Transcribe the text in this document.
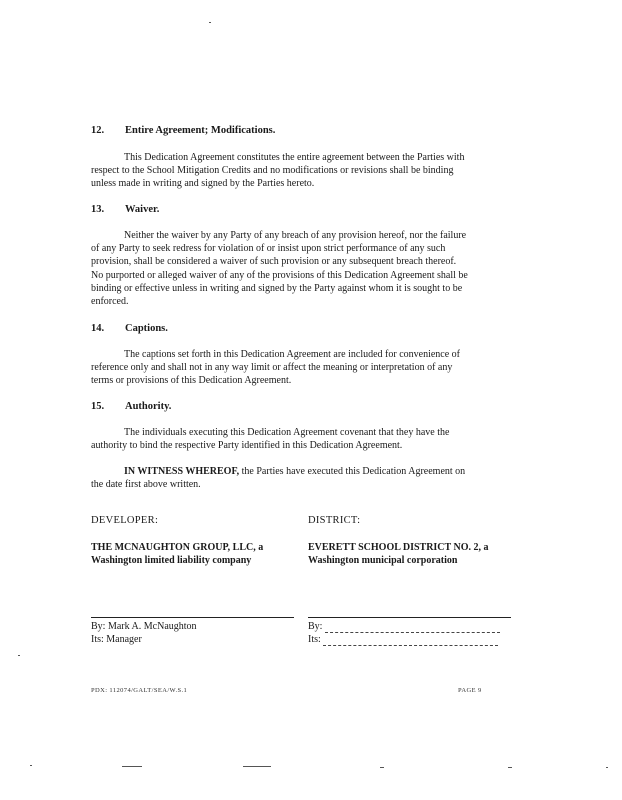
12. Entire Agreement; Modifications.
This Dedication Agreement constitutes the entire agreement between the Parties with
respect to the School Mitigation Credits and no modifications or revisions shall be binding
unless made in writing and signed by the Parties hereto.
13. Waiver.
Neither the waiver by any Party of any breach of any provision hereof, nor the failure
of any Party to seek redress for violation of or insist upon strict performance of any such
provision, shall be considered a waiver of such provision or any subsequent breach thereof.
No purported or alleged waiver of any of the provisions of this Dedication Agreement shall be
binding or effective unless in writing and signed by the Party against whom it is sought to be
enforced.
14. Captions.
The captions set forth in this Dedication Agreement are included for convenience of
reference only and shall not in any way limit or affect the meaning or interpretation of any
terms or provisions of this Dedication Agreement.
15. Authority.
The individuals executing this Dedication Agreement covenant that they have the
authority to bind the respective Party identified in this Dedication Agreement.
IN WITNESS WHEREOF, the Parties have executed this Dedication Agreement on
the date first above written.
DEVELOPER:
THE MCNAUGHTON GROUP, LLC, a
Washington limited liability company
By: Mark A. McNaughton
Its: Manager
DISTRICT:
EVERETT SCHOOL DISTRICT NO. 2, a
Washington municipal corporation
By:
Its:
PDX: 112074/GALT/SEA/W.S.1	PAGE 9
